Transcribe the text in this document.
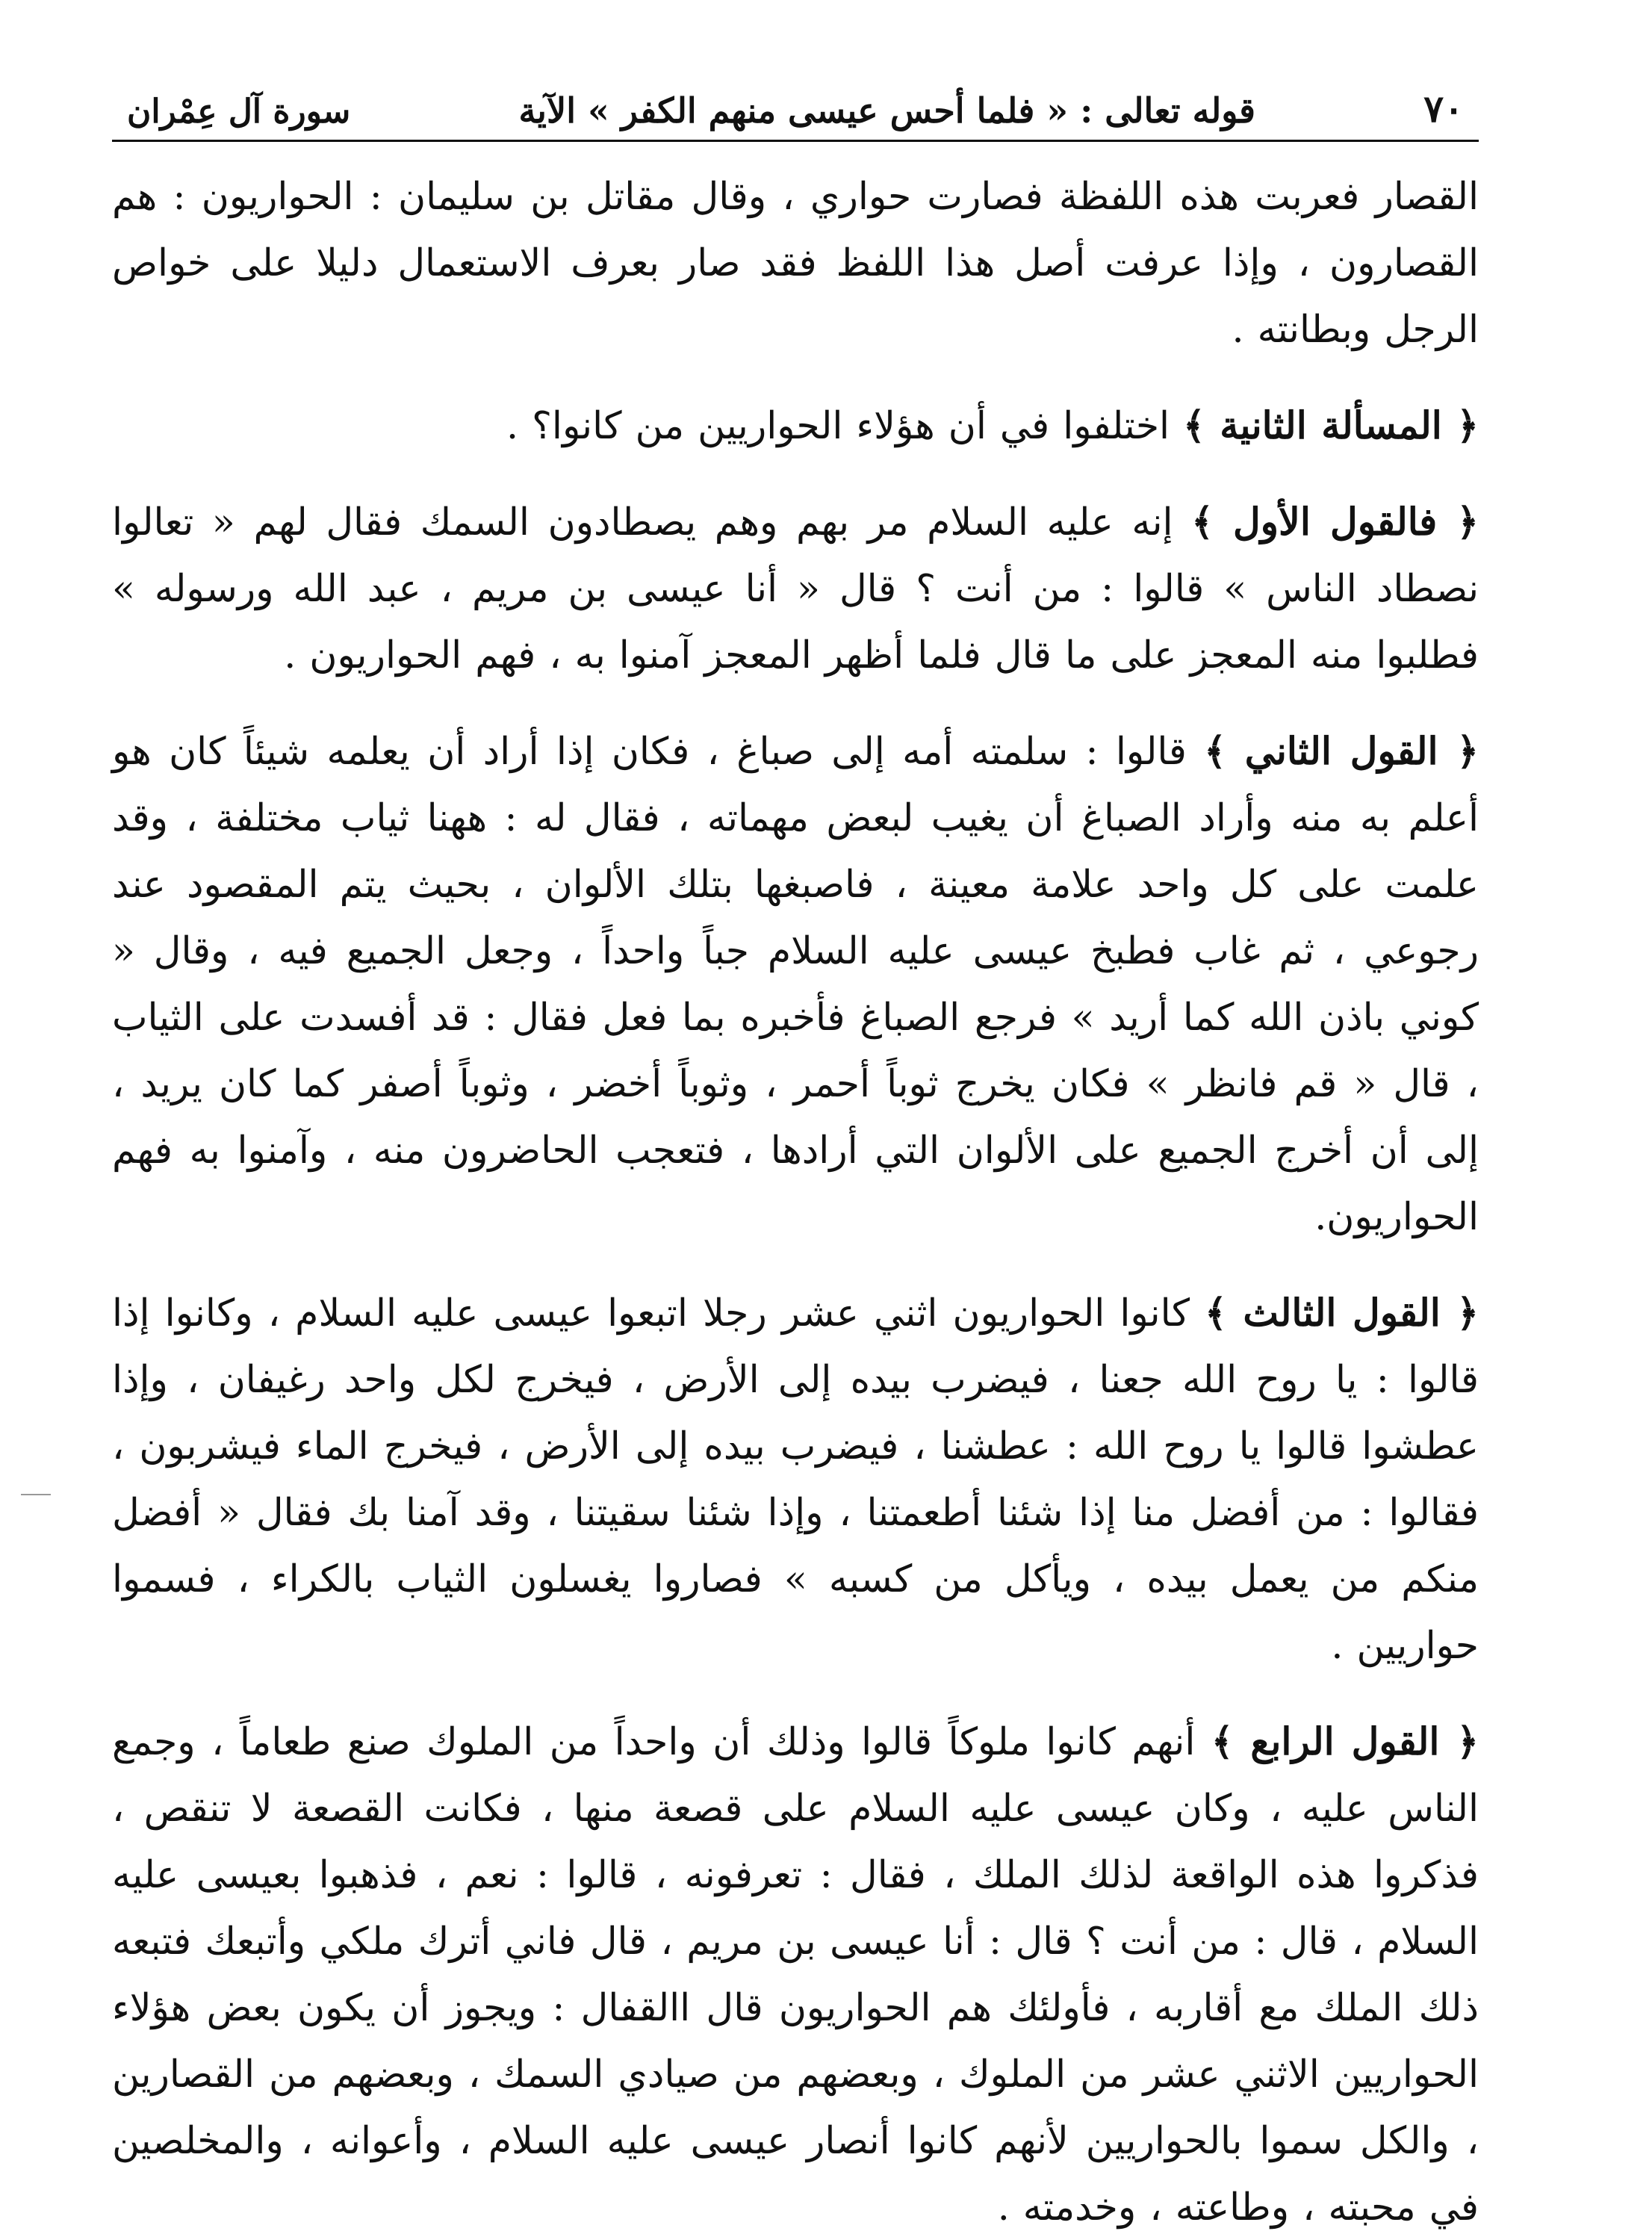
٧٠
قوله تعالى : « فلما أحس عيسى منهم الكفر » الآية
سورة آل عِمْران

القصار فعربت هذه اللفظة فصارت حواري ، وقال مقاتل بن سليمان : الحواريون : هم القصارون ، وإذا عرفت أصل هذا اللفظ فقد صار بعرف الاستعمال دليلا على خواص الرجل وبطانته .

﴿ المسألة الثانية ﴾ اختلفوا في أن هؤلاء الحواريين من كانوا؟ .

﴿ فالقول الأول ﴾ إنه عليه السلام مر بهم وهم يصطادون السمك فقال لهم « تعالوا نصطاد الناس » قالوا : من أنت ؟ قال « أنا عيسى بن مريم ، عبد الله ورسوله » فطلبوا منه المعجز على ما قال فلما أظهر المعجز آمنوا به ، فهم الحواريون .

﴿ القول الثاني ﴾ قالوا : سلمته أمه إلى صباغ ، فكان إذا أراد أن يعلمه شيئاً كان هو أعلم به منه وأراد الصباغ أن يغيب لبعض مهماته ، فقال له : ههنا ثياب مختلفة ، وقد علمت على كل واحد علامة معينة ، فاصبغها بتلك الألوان ، بحيث يتم المقصود عند رجوعي ، ثم غاب فطبخ عيسى عليه السلام جباً واحداً ، وجعل الجميع فيه ، وقال « كوني باذن الله كما أريد » فرجع الصباغ فأخبره بما فعل فقال : قد أفسدت على الثياب ، قال « قم فانظر » فكان يخرج ثوباً أحمر ، وثوباً أخضر ، وثوباً أصفر كما كان يريد ، إلى أن أخرج الجميع على الألوان التي أرادها ، فتعجب الحاضرون منه ، وآمنوا به فهم الحواريون.

﴿ القول الثالث ﴾ كانوا الحواريون اثني عشر رجلا اتبعوا عيسى عليه السلام ، وكانوا إذا قالوا : يا روح الله جعنا ، فيضرب بيده إلى الأرض ، فيخرج لكل واحد رغيفان ، وإذا عطشوا قالوا يا روح الله : عطشنا ، فيضرب بيده إلى الأرض ، فيخرج الماء فيشربون ، فقالوا : من أفضل منا إذا شئنا أطعمتنا ، وإذا شئنا سقيتنا ، وقد آمنا بك فقال « أفضل منكم من يعمل بيده ، ويأكل من كسبه » فصاروا يغسلون الثياب بالكراء ، فسموا حواريين .

﴿ القول الرابع ﴾ أنهم كانوا ملوكاً قالوا وذلك أن واحداً من الملوك صنع طعاماً ، وجمع الناس عليه ، وكان عيسى عليه السلام على قصعة منها ، فكانت القصعة لا تنقص ، فذكروا هذه الواقعة لذلك الملك ، فقال : تعرفونه ، قالوا : نعم ، فذهبوا بعيسى عليه السلام ، قال : من أنت ؟ قال : أنا عيسى بن مريم ، قال فاني أترك ملكي وأتبعك فتبعه ذلك الملك مع أقاربه ، فأولئك هم الحواريون قال االقفال : ويجوز أن يكون بعض هؤلاء الحواريين الاثني عشر من الملوك ، وبعضهم من صيادي السمك ، وبعضهم من القصارين ، والكل سموا بالحواريين لأنهم كانوا أنصار عيسى عليه السلام ، وأعوانه ، والمخلصين في محبته ، وطاعته ، وخدمته .
